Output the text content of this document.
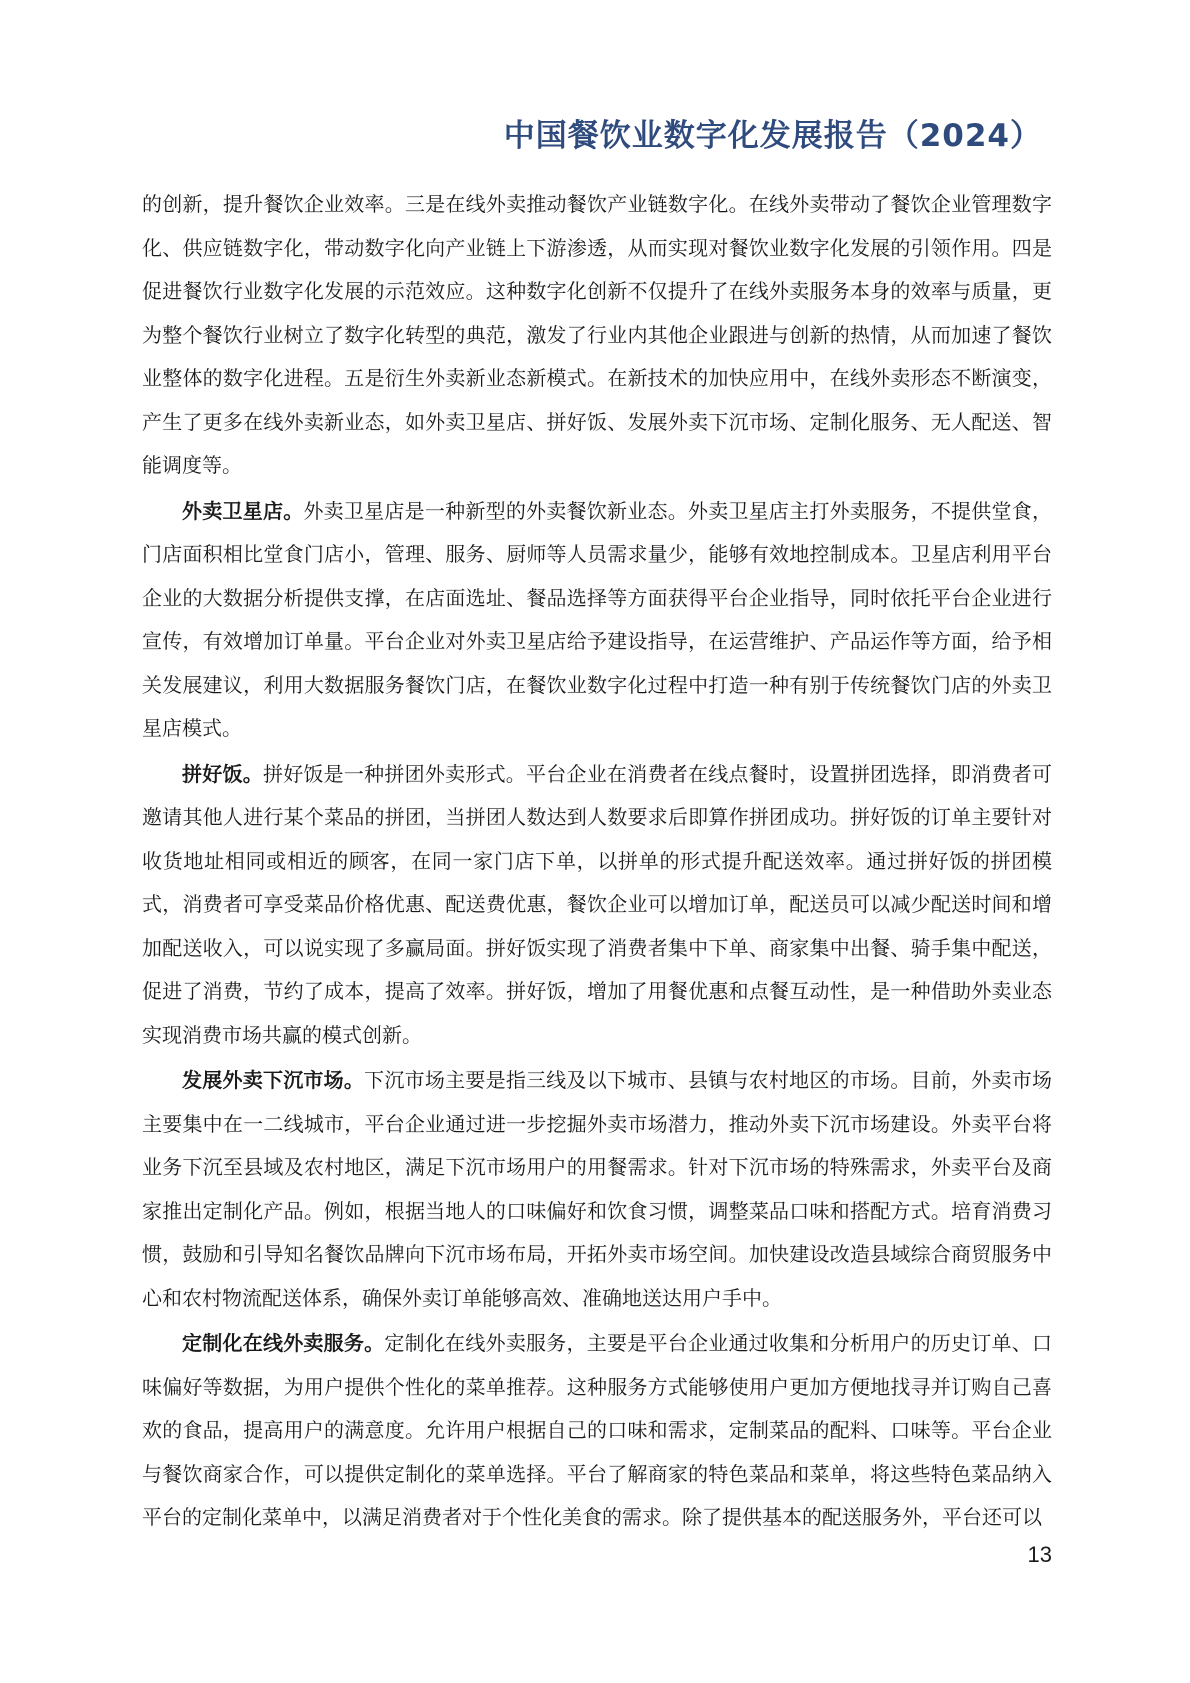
中国餐饮业数字化发展报告（2024）

的创新，提升餐饮企业效率。三是在线外卖推动餐饮产业链数字化。在线外卖带动了餐饮企业管理数字化、供应链数字化，带动数字化向产业链上下游渗透，从而实现对餐饮业数字化发展的引领作用。四是促进餐饮行业数字化发展的示范效应。这种数字化创新不仅提升了在线外卖服务本身的效率与质量，更为整个餐饮行业树立了数字化转型的典范，激发了行业内其他企业跟进与创新的热情，从而加速了餐饮业整体的数字化进程。五是衍生外卖新业态新模式。在新技术的加快应用中，在线外卖形态不断演变，产生了更多在线外卖新业态，如外卖卫星店、拼好饭、发展外卖下沉市场、定制化服务、无人配送、智能调度等。

外卖卫星店。外卖卫星店是一种新型的外卖餐饮新业态。外卖卫星店主打外卖服务，不提供堂食，门店面积相比堂食门店小，管理、服务、厨师等人员需求量少，能够有效地控制成本。卫星店利用平台企业的大数据分析提供支撑，在店面选址、餐品选择等方面获得平台企业指导，同时依托平台企业进行宣传，有效增加订单量。平台企业对外卖卫星店给予建设指导，在运营维护、产品运作等方面，给予相关发展建议，利用大数据服务餐饮门店，在餐饮业数字化过程中打造一种有别于传统餐饮门店的外卖卫星店模式。

拼好饭。拼好饭是一种拼团外卖形式。平台企业在消费者在线点餐时，设置拼团选择，即消费者可邀请其他人进行某个菜品的拼团，当拼团人数达到人数要求后即算作拼团成功。拼好饭的订单主要针对收货地址相同或相近的顾客，在同一家门店下单，以拼单的形式提升配送效率。通过拼好饭的拼团模式，消费者可享受菜品价格优惠、配送费优惠，餐饮企业可以增加订单，配送员可以减少配送时间和增加配送收入，可以说实现了多赢局面。拼好饭实现了消费者集中下单、商家集中出餐、骑手集中配送，促进了消费，节约了成本，提高了效率。拼好饭，增加了用餐优惠和点餐互动性，是一种借助外卖业态实现消费市场共赢的模式创新。

发展外卖下沉市场。下沉市场主要是指三线及以下城市、县镇与农村地区的市场。目前，外卖市场主要集中在一二线城市，平台企业通过进一步挖掘外卖市场潜力，推动外卖下沉市场建设。外卖平台将业务下沉至县域及农村地区，满足下沉市场用户的用餐需求。针对下沉市场的特殊需求，外卖平台及商家推出定制化产品。例如，根据当地人的口味偏好和饮食习惯，调整菜品口味和搭配方式。培育消费习惯，鼓励和引导知名餐饮品牌向下沉市场布局，开拓外卖市场空间。加快建设改造县域综合商贸服务中心和农村物流配送体系，确保外卖订单能够高效、准确地送达用户手中。

定制化在线外卖服务。定制化在线外卖服务，主要是平台企业通过收集和分析用户的历史订单、口味偏好等数据，为用户提供个性化的菜单推荐。这种服务方式能够使用户更加方便地找寻并订购自己喜欢的食品，提高用户的满意度。允许用户根据自己的口味和需求，定制菜品的配料、口味等。平台企业与餐饮商家合作，可以提供定制化的菜单选择。平台了解商家的特色菜品和菜单，将这些特色菜品纳入平台的定制化菜单中，以满足消费者对于个性化美食的需求。除了提供基本的配送服务外，平台还可以

13
